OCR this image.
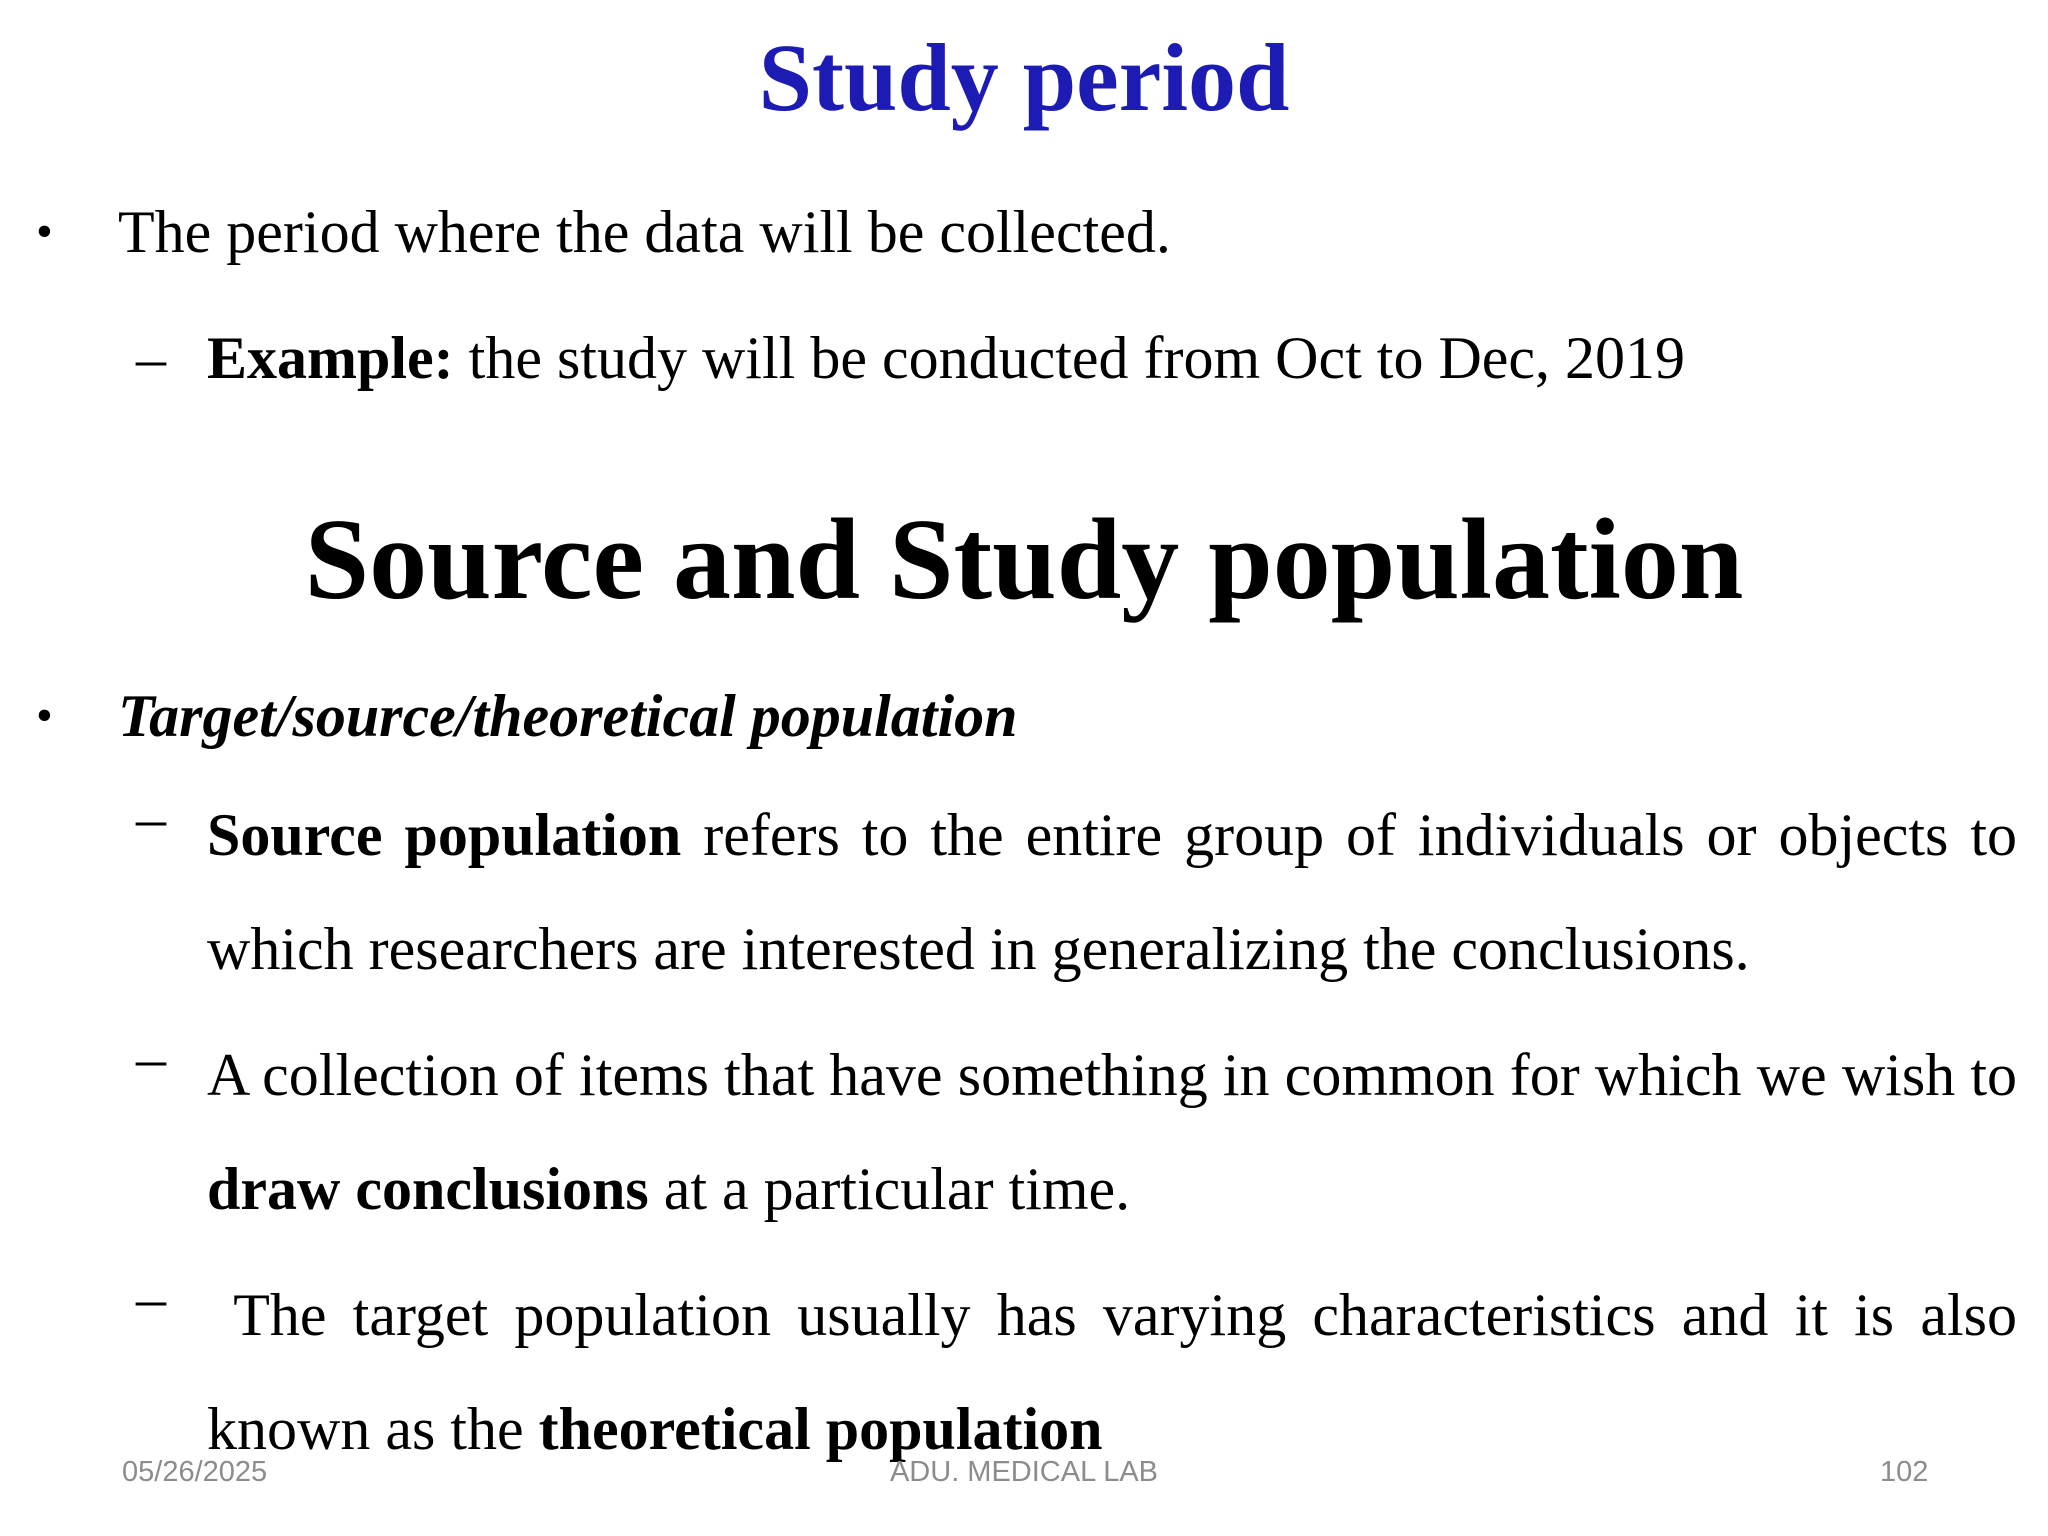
Study period
• The period where the data will be collected.
– Example: the study will be conducted from Oct to Dec, 2019
Source and Study population
• Target/source/theoretical population
– Source population refers to the entire group of individuals or objects to which researchers are interested in generalizing the conclusions.
– A collection of items that have something in common for which we wish to draw conclusions at a particular time.
– The target population usually has varying characteristics and it is also known as the theoretical population
05/26/2025	ADU. MEDICAL LAB	102
